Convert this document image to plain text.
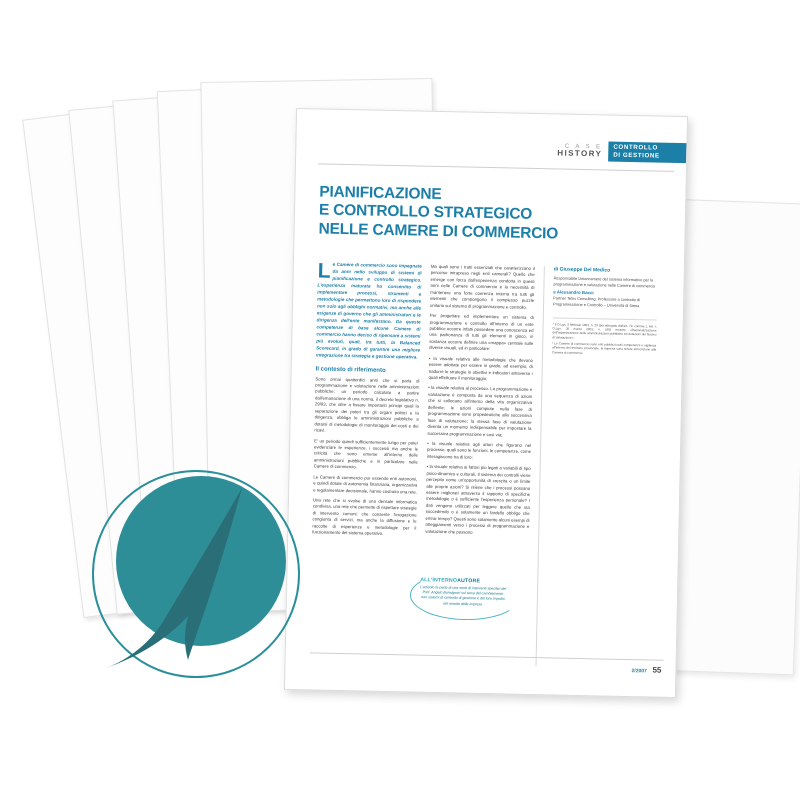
C A S E
HISTORY
CONTROLLO
DI GESTIONE
PIANIFICAZIONE
E CONTROLLO STRATEGICO
NELLE CAMERE DI COMMERCIO

Le Camere di commercio sono impegnate da anni nello sviluppo di sistemi di pianificazione e controllo strategico. L'esperienza maturata ha consentito di implementare processi, strumenti e metodologie che permettono loro di rispondere non solo agli obblighi normativi, ma anche alle esigenze di governo che gli amministratori e le dirigenza dell'ente manifestano. Da queste competenze di base alcune Camere di commercio hanno deciso di ripensare a sistemi più evoluti, quali, tra tutti, la Balanced Scorecard, in grado di garantire una migliore integrazione tra strategia e gestione operativa.

Il contesto di riferimento

Sono ormai quattordici anni che si parla di programmazione e valutazione nelle amministrazioni pubbliche; un periodo calcolato a partire dall'emanazione di una norma, il decreto legislativo n. 29/93, che oltre a fissare importanti principi quali la separazione dei poteri tra gli organi politici e la dirigenza, obbliga le amministrazioni pubbliche a dotarsi di metodologie di monitoraggio dei costi e dei ricavi.

E' un periodo quindi sufficientemente lungo per poter evidenziare le esperienze, i successi ma anche le criticità che sono emerse all'interno delle amministrazioni pubbliche e in particolare nelle Camere di commercio.

Le Camere di commercio pur essendo enti autonomi, e quindi dotate di autonomia finanziaria, organizzativa e regolamentare decisionale, hanno costruito una rete.

Una rete che si svolse di una densale informatica condivisa, una rete che permette di rispettare strategie di intervento comuni, che consente l'erogazione congiunta di servizi, ma anche la diffusione e le raccolte di esperienze e metodologie per il funzionamento del sistema operativo.

Ma quali sono i tratti essenziali che caratterizzano il percorso intrapreso negli enti camerali? Quello che emerge con forza dall'esperienza condotta in questi anni nelle Camere di commercio è la necessità di mantenere una forte coerenza interna tra tutti gli elementi che compongono il complesso puzzle unitario sul sistema di programmazione e controllo.

Per progettare ed implementare un sistema di programmazione e controllo all'interno di un ente pubblico occorre infatti possedere una conoscenza ed una padronanza di tutti gli elementi in gioco, in sostanza occorre definire una «mappa» centrale sulle diverse visuali, ed in particolare:

• la visuale relativa alle metodologie che devono essere adottate per essere in grado, ad esempio, di tradurre le strategie in obiettivi e indicatori attraverso i quali effettuare il monitoraggio;

• la visuale relativa al processo. La programmazione e valutazione è composta da una sequenza di azioni che si collocano all'interno della vita organizzativa dell'ente; le azioni compiute nella fase di programmazione sono propedeutiche alla successiva fase di valutazione; la stessa fase di valutazione diventa un momento indispensabile per impostare la successiva programmazione e così via;

• la visuale relativa agli attori che figurano nel processo: quali sono le funzioni, le competenze, come interagiscono tra di loro;

• la visuale relativa ai fattori più legati a variabili di tipo psico-dinamico e culturali. Il sistema dei controlli viene percepito come un'opportunità di crescita o un limite alle proprie azioni? Si ritiene che i processi possano essere migliorati attraverso il rapporto di specifiche metodologie o è sufficiente l'esperienza personale? I dati vengono utilizzati per leggere quello che sta succedendo o è solamente un fardello obbligo che entrar tempo? Questi sono solamente alcuni esempi di atteggiamenti verso i processi di programmazione e valutazione che possono

di Giuseppe Del Medico
Responsabile Unioncamere del sistema informativo per la programmazione e valutazione nelle Camere di commercio
e Alessandro Bacci
Partner Telos Consulting, Professore a contratto di Programmazione e Controllo – Università di Siena

* Il D.Lgs. 2 febbraio 1993, n. 29 (poi abrogato dall'art. 72, comma 1, lett. t, D.Lgs. 30 marzo 2001, n. 165) recante «Razionalizzazione dell'organizzazione delle amministrazioni pubbliche ed dotazioni del Nucleo di Valutazione».

¹ Le Camere di commercio sono enti pubblici locali competenze e vigilanza all'interno del territorio provinciale, la impresa sono tenute all'iscrizione alla Camera di commercio.

2/2007 55
ALL'INTERNOAUTORE
L'articolo fa parte di una serie di interventi specifici del Prof. Angelo Bonsignori sul tema del cambiamento non sistemi di controllo di gestione e del loro impatto nel mondo delle imprese
